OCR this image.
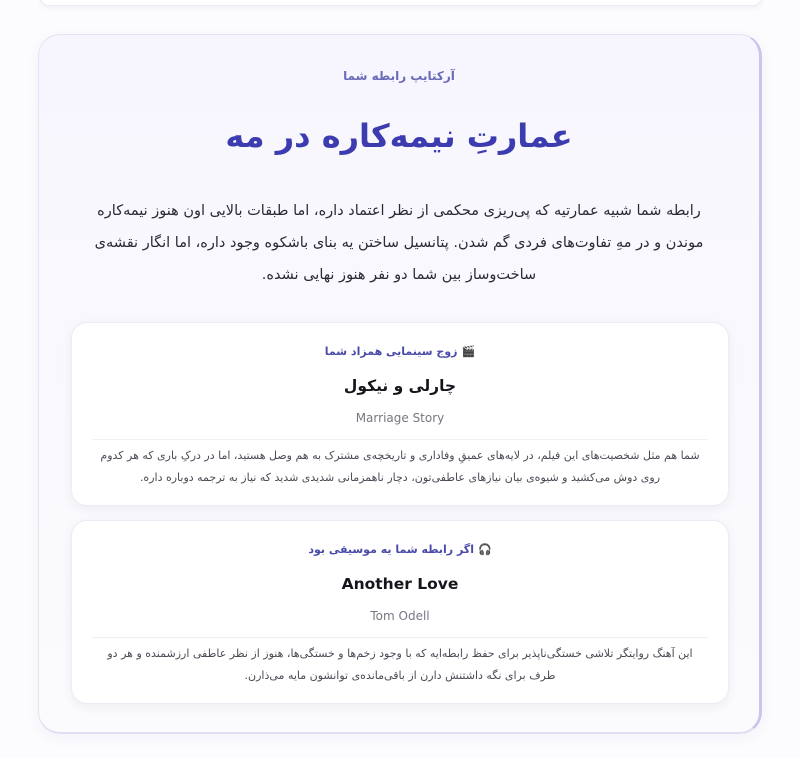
آرکتایپ رابطه شما
عمارتِ نیمه‌کاره در مه

رابطه شما شبیه عمارتیه که پی‌ریزی محکمی از نظر اعتماد داره، اما طبقات بالایی اون هنوز نیمه‌کاره موندن و در مهِ تفاوت‌های فردی گم شدن. پتانسیل ساختن یه بنای باشکوه وجود داره، اما انگار نقشه‌ی ساخت‌وساز بین شما دو نفر هنوز نهایی نشده.

🎬زوج سینمایی همزاد شما
چارلی و نیکول
Marriage Story
شما هم مثل شخصیت‌های این فیلم، در لایه‌های عمیقِ وفاداری و تاریخچه‌ی مشترک به هم وصل هستید، اما در درکِ باری که هر کدوم روی دوش می‌کشید و شیوه‌ی بیان نیازهای عاطفی‌تون، دچار ناهمزمانی شدیدی شدید که نیاز به ترجمه دوباره داره.
🎧اگر رابطه شما یه موسیقی بود
Another Love
Tom Odell
این آهنگ روایتگر تلاشی خستگی‌ناپذیر برای حفظ رابطه‌ایه که با وجود زخم‌ها و خستگی‌ها، هنوز از نظر عاطفی ارزشمنده و هر دو طرف برای نگه داشتنش دارن از باقی‌مانده‌ی توانشون مایه می‌ذارن.
